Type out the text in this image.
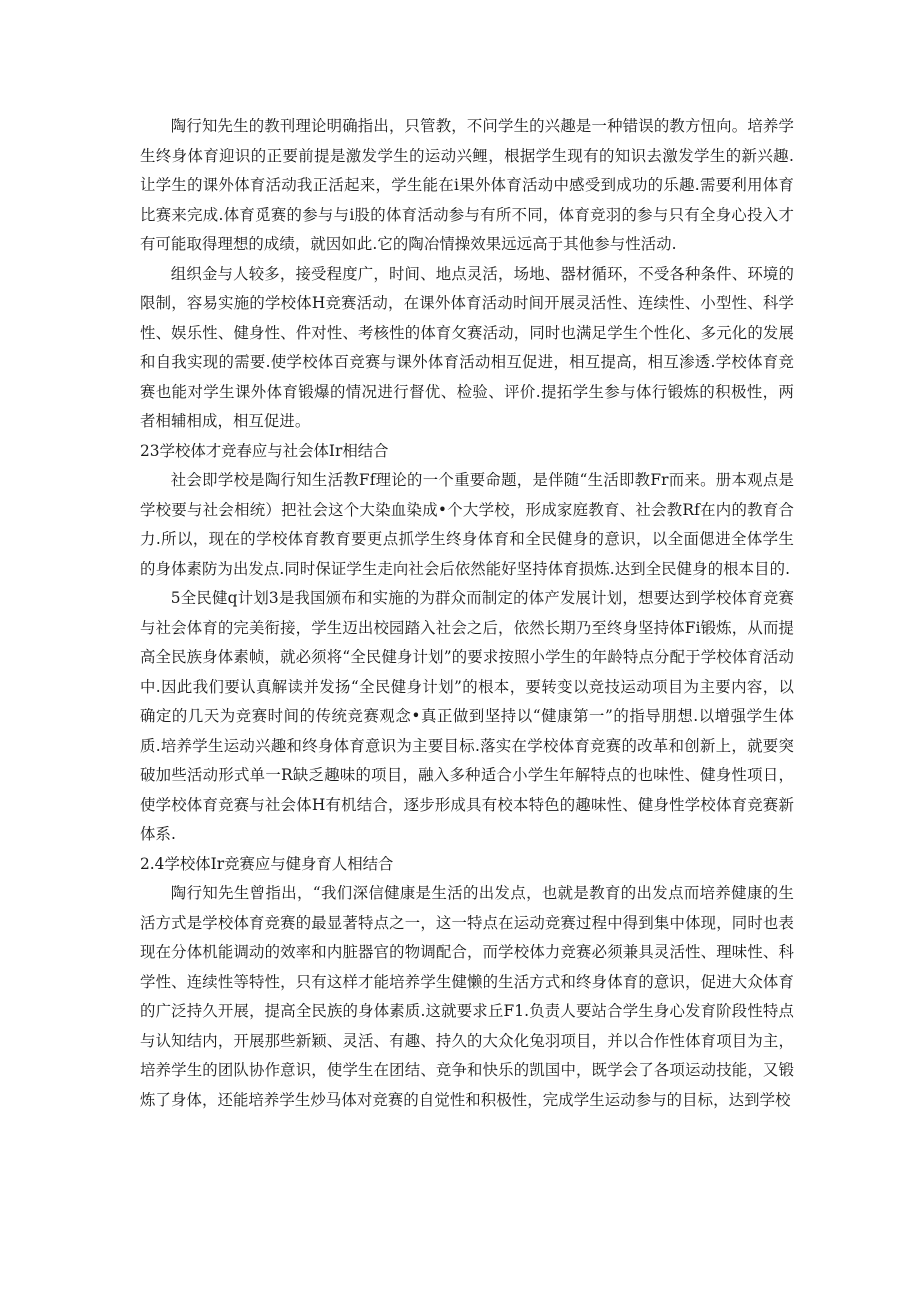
陶行知先生的教刊理论明确指出，只管教，不问学生的兴趣是一种错误的教方忸向。培养学生终身体育迎识的正要前提是激发学生的运动兴鲤，根据学生现有的知识去激发学生的新兴趣.让学生的课外体育活动我正活起来，学生能在i果外体育活动中感受到成功的乐趣.需要利用体育比赛来完成.体育觅赛的参与与i股的体育活动参与有所不同，体育竞羽的参与只有全身心投入才有可能取得理想的成绩，就因如此.它的陶冶情操效果远远高于其他参与性活动.

组织金与人较多，接受程度广，时间、地点灵活，场地、器材循环，不受各种条件、环境的限制，容易实施的学校体H竞赛活动，在课外体育活动时间开展灵活性、连续性、小型性、科学性、娱乐性、健身性、件对性、考核性的体育攵赛活动，同时也满足学生个性化、多元化的发展和自我实现的需要.使学校体百竞赛与课外体育活动相互促进，相互提高，相互渗透.学校体育竞赛也能对学生课外体育锻爆的情况进行督优、检验、评价.提拓学生参与体行锻炼的积极性，两者相辅相成，相互促进。

23学校体才竞春应与社会体Ir相结合

社会即学校是陶行知生活教Ff理论的一个重要命题，是伴随“生活即教Fr而来。册本观点是学校要与社会相统）把社会这个大染血染成•个大学校，形成家庭教育、社会教Rf在内的教育合力.所以，现在的学校体育教育要更点抓学生终身体育和全民健身的意识，以全面偲进全体学生的身体素防为出发点.同时保证学生走向社会后依然能好坚持体育损炼.达到全民健身的根本目的.

5全民健q计划3是我国颁布和实施的为群众而制定的体产发展计划，想要达到学校体育竞赛与社会体育的完美衔接，学生迈出校园踏入社会之后，依然长期乃至终身坚持体Fi锻炼，从而提高全民族身体素帧，就必须将“全民健身计划”的要求按照小学生的年龄特点分配于学校体育活动中.因此我们要认真解读并发扬“全民健身计划”的根本，要转变以竞技运动项目为主要内容，以确定的几天为竞赛时间的传统竞赛观念•真正做到坚持以“健康第一”的指导朋想.以增强学生体质.培养学生运动兴趣和终身体育意识为主要目标.落实在学校体育竞赛的改革和创新上，就要突破加些活动形式单一R缺乏趣味的项目，融入多种适合小学生年解特点的也味性、健身性项日，使学校体育竞赛与社会体H有机结合，逐步形成具有校本特色的趣味性、健身性学校体育竞赛新体系.

2.4学校体Ir竞赛应与健身育人相结合

陶行知先生曾指出，“我们深信健康是生活的出发点，也就是教育的出发点而培养健康的生活方式是学校体育竞赛的最显著特点之一，这一特点在运动竞赛过程中得到集中体现，同时也表现在分体机能调动的效率和内脏器官的物调配合，而学校体力竞赛必须兼具灵活性、理味性、科学性、连续性等特性，只有这样才能培养学生健懒的生活方式和终身体育的意识，促进大众体育的广泛持久开展，提高全民族的身体素质.这就要求丘F1.负责人要站合学生身心发育阶段性特点与认知结内，开展那些新颖、灵活、有趣、持久的大众化兔羽项目，并以合作性体育项目为主，培养学生的团队协作意识，使学生在团结、竞争和快乐的凯国中，既学会了各项运动技能，又锻炼了身体，还能培养学生炒马体对竞赛的自觉性和积极性，完成学生运动参与的目标，达到学校
